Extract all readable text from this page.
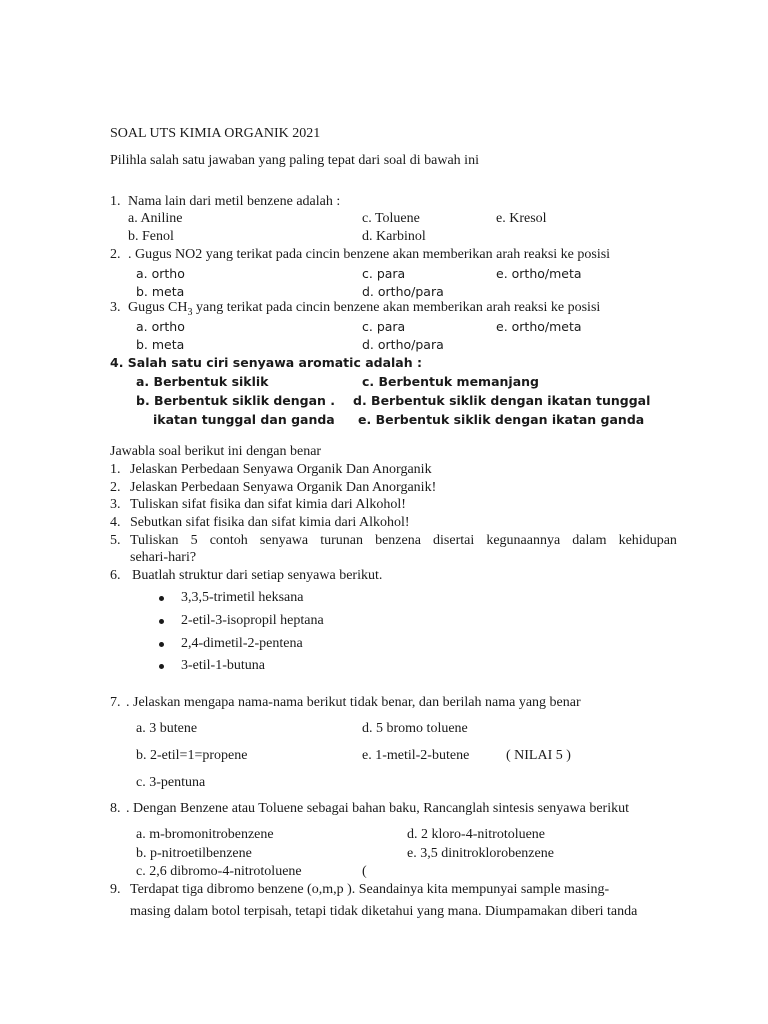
SOAL UTS KIMIA ORGANIK 2021
Pilihla salah satu jawaban yang paling tepat dari soal di bawah ini
1. Nama lain dari metil benzene adalah :
a. Aniline	c. Toluene	e. Kresol
b. Fenol	d. Karbinol
2. . Gugus NO2 yang terikat pada cincin benzene akan memberikan arah reaksi ke posisi
a. ortho	c. para	e. ortho/meta
b. meta	d. ortho/para
3. Gugus $CH_3$ yang terikat pada cincin benzene akan memberikan arah reaksi ke posisi
a. ortho	c. para	e. ortho/meta
b. meta	d. ortho/para
4. Salah satu ciri senyawa aromatic adalah :
a. Berbentuk siklik	c. Berbentuk memanjang
b. Berbentuk siklik dengan . d. Berbentuk siklik dengan ikatan tunggal
ikatan tunggal dan ganda e. Berbentuk siklik dengan ikatan ganda
Jawabla soal berikut ini dengan benar
1. Jelaskan Perbedaan Senyawa Organik Dan Anorganik
2. Jelaskan Perbedaan Senyawa Organik Dan Anorganik!
3. Tuliskan sifat fisika dan sifat kimia dari Alkohol!
4. Sebutkan sifat fisika dan sifat kimia dari Alkohol!
5. Tuliskan 5 contoh senyawa turunan benzena disertai kegunaannya dalam kehidupan
sehari-hari?
6. Buatlah struktur dari setiap senyawa berikut.
3,3,5-trimetil heksana
2-etil-3-isopropil heptana
2,4-dimetil-2-pentena
3-etil-1-butuna
7. . Jelaskan mengapa nama-nama berikut tidak benar, dan berilah nama yang benar
a. 3 butene	d. 5 bromo toluene
b. 2-etil=1=propene	e. 1-metil-2-butene	( NILAI 5 )
c. 3-pentuna
8. . Dengan Benzene atau Toluene sebagai bahan baku, Rancanglah sintesis senyawa berikut
a. m-bromonitrobenzene	d. 2 kloro-4-nitrotoluene
b. p-nitroetilbenzene	e. 3,5 dinitroklorobenzene
c. 2,6 dibromo-4-nitrotoluene	(
9. Terdapat tiga dibromo benzene (o,m,p ). Seandainya kita mempunyai sample masing-
masing dalam botol terpisah, tetapi tidak diketahui yang mana. Diumpamakan diberi tanda
